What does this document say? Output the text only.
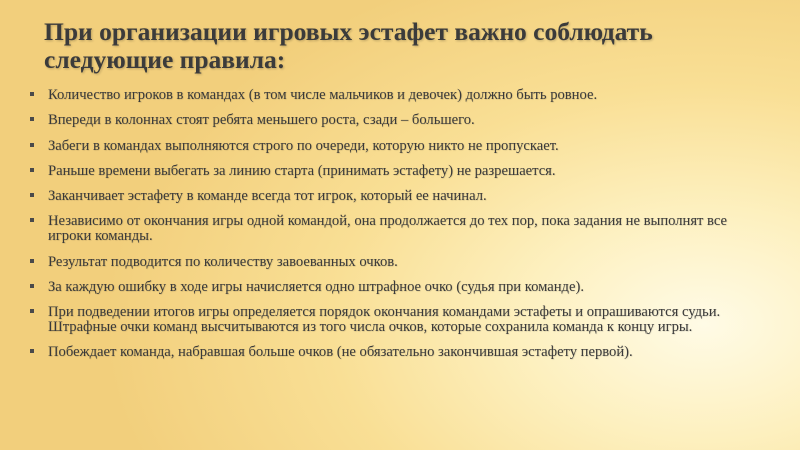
При организации игровых эстафет важно соблюдать следующие правила:
Количество игроков в командах (в том числе мальчиков и девочек) должно быть ровное.
Впереди в колоннах стоят ребята меньшего роста, сзади – большего.
Забеги в командах выполняются строго по очереди, которую никто не пропускает.
Раньше времени выбегать за линию старта (принимать эстафету) не разрешается.
Заканчивает эстафету в команде всегда тот игрок, который ее начинал.
Независимо от окончания игры одной командой, она продолжается до тех пор, пока задания не выполнят все игроки команды.
Результат подводится по количеству завоеванных очков.
За каждую ошибку в ходе игры начисляется одно штрафное очко (судья при команде).
При подведении итогов игры определяется порядок окончания командами эстафеты и опрашиваются судьи. Штрафные очки команд высчитываются из того числа очков, которые сохранила команда к концу игры.
Побеждает команда, набравшая больше очков (не обязательно закончившая эстафету первой).
